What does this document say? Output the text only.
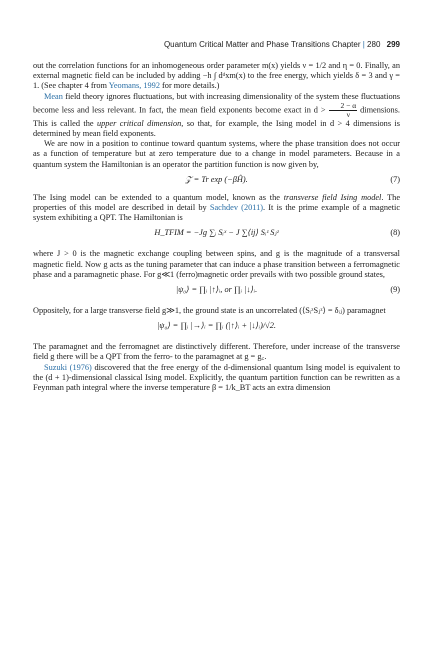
Quantum Critical Matter and Phase Transitions Chapter | 280 299

out the correlation functions for an inhomogeneous order parameter m(x) yields ν = 1/2 and η = 0. Finally, an external magnetic field can be included by adding −h ∫ dᵈxm(x) to the free energy, which yields δ = 3 and γ = 1. (See chapter 4 from Yeomans, 1992 for more details.)

Mean field theory ignores fluctuations, but with increasing dimensionality of the system these fluctuations become less and less relevant. In fact, the mean field exponents become exact in $d > \frac{2 - \alpha}{\nu}$ dimensions. This is called the upper critical dimension, so that, for example, the Ising model in d > 4 dimensions is determined by mean field exponents.

We are now in a position to continue toward quantum systems, where the phase transition does not occur as a function of temperature but at zero temperature due to a change in model parameters. Because in a quantum system the Hamiltonian is an operator the partition function is now given by,

𝒵 = Tr exp (−βĤ).	(7)

The Ising model can be extended to a quantum model, known as the transverse field Ising model. The properties of this model are described in detail by Sachdev (2011). It is the prime example of a magnetic system exhibiting a QPT. The Hamiltonian is

H_TFIM = −Jg ∑ᵢ Sᵢˣ − J ∑⟨ij⟩ Sᵢᶻ Sⱼᶻ	(8)

where J > 0 is the magnetic exchange coupling between spins, and g is the magnitude of a transversal magnetic field. Now g acts as the tuning parameter that can induce a phase transition between a ferromagnetic phase and a paramagnetic phase. For g≪1 (ferro)magnetic order prevails with two possible ground states,

|ψ₀⟩ = ∏ᵢ |↑⟩ᵢ, or ∏ᵢ |↓⟩ᵢ.	(9)

Oppositely, for a large transverse field g≫1, the ground state is an uncorrelated (⟨SᵢᶻSⱼᶻ⟩ = δᵢⱼ) paramagnet

|ψ₀⟩ = ∏ᵢ |→⟩ᵢ = ∏ᵢ (|↑⟩ᵢ + |↓⟩ᵢ)/√2.

The paramagnet and the ferromagnet are distinctively different. Therefore, under increase of the transverse field g there will be a QPT from the ferro- to the paramagnet at g = g꜀.

Suzuki (1976) discovered that the free energy of the d-dimensional quantum Ising model is equivalent to the (d + 1)-dimensional classical Ising model. Explicitly, the quantum partition function can be rewritten as a Feynman path integral where the inverse temperature β = 1/k_BT acts an extra dimension
